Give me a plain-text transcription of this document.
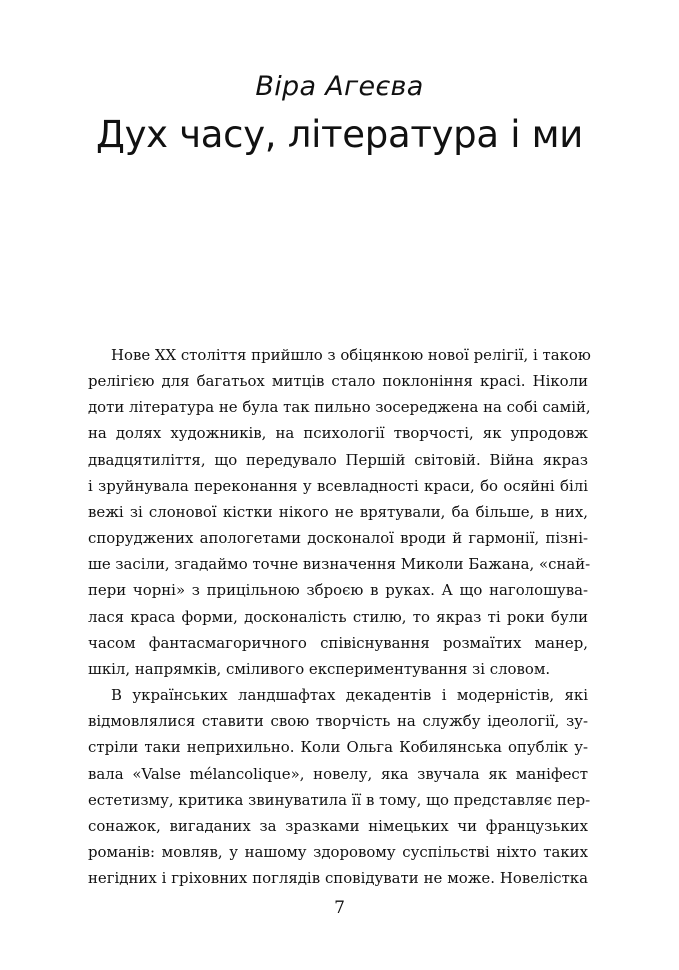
Віра Агеєва
Дух часу, література і ми
Нове ХХ століття прийшло з обіцянкою нової релігії, і такою
релігією для багатьох митців стало поклоніння красі. Ніколи
доти література не була так пильно зосереджена на собі самій,
на долях художників, на психології творчості, як упродовж
двадцятиліття, що передувало Першій світовій. Війна якраз
і зруйнувала переконання у всевладності краси, бо осяйні білі
вежі зі слонової кістки нікого не врятували, ба більше, в них,
споруджених апологетами досконалої вроди й гармонії, пізні-
ше засіли, згадаймо точне визначення Миколи Бажана, «снай-
пери чорні» з прицільною зброєю в руках. А що наголошува-
лася краса форми, досконалість стилю, то якраз ті роки були
часом фантасмагоричного співіснування розмаїтих манер,
шкіл, напрямків, сміливого експериментування зі словом.
В українських ландшафтах декадентів і модерністів, які
відмовлялися ставити свою творчість на службу ідеології, зу-
стріли таки неприхильно. Коли Ольга Кобилянська опублік у-
вала «Valse mélancolique», новелу, яка звучала як маніфест
естетизму, критика звинуватила її в тому, що представляє пер-
сонажок, вигаданих за зразками німецьких чи французьких
романів: мовляв, у нашому здоровому суспільстві ніхто таких
негідних і гріховних поглядів сповідувати не може. Новелістка
7
